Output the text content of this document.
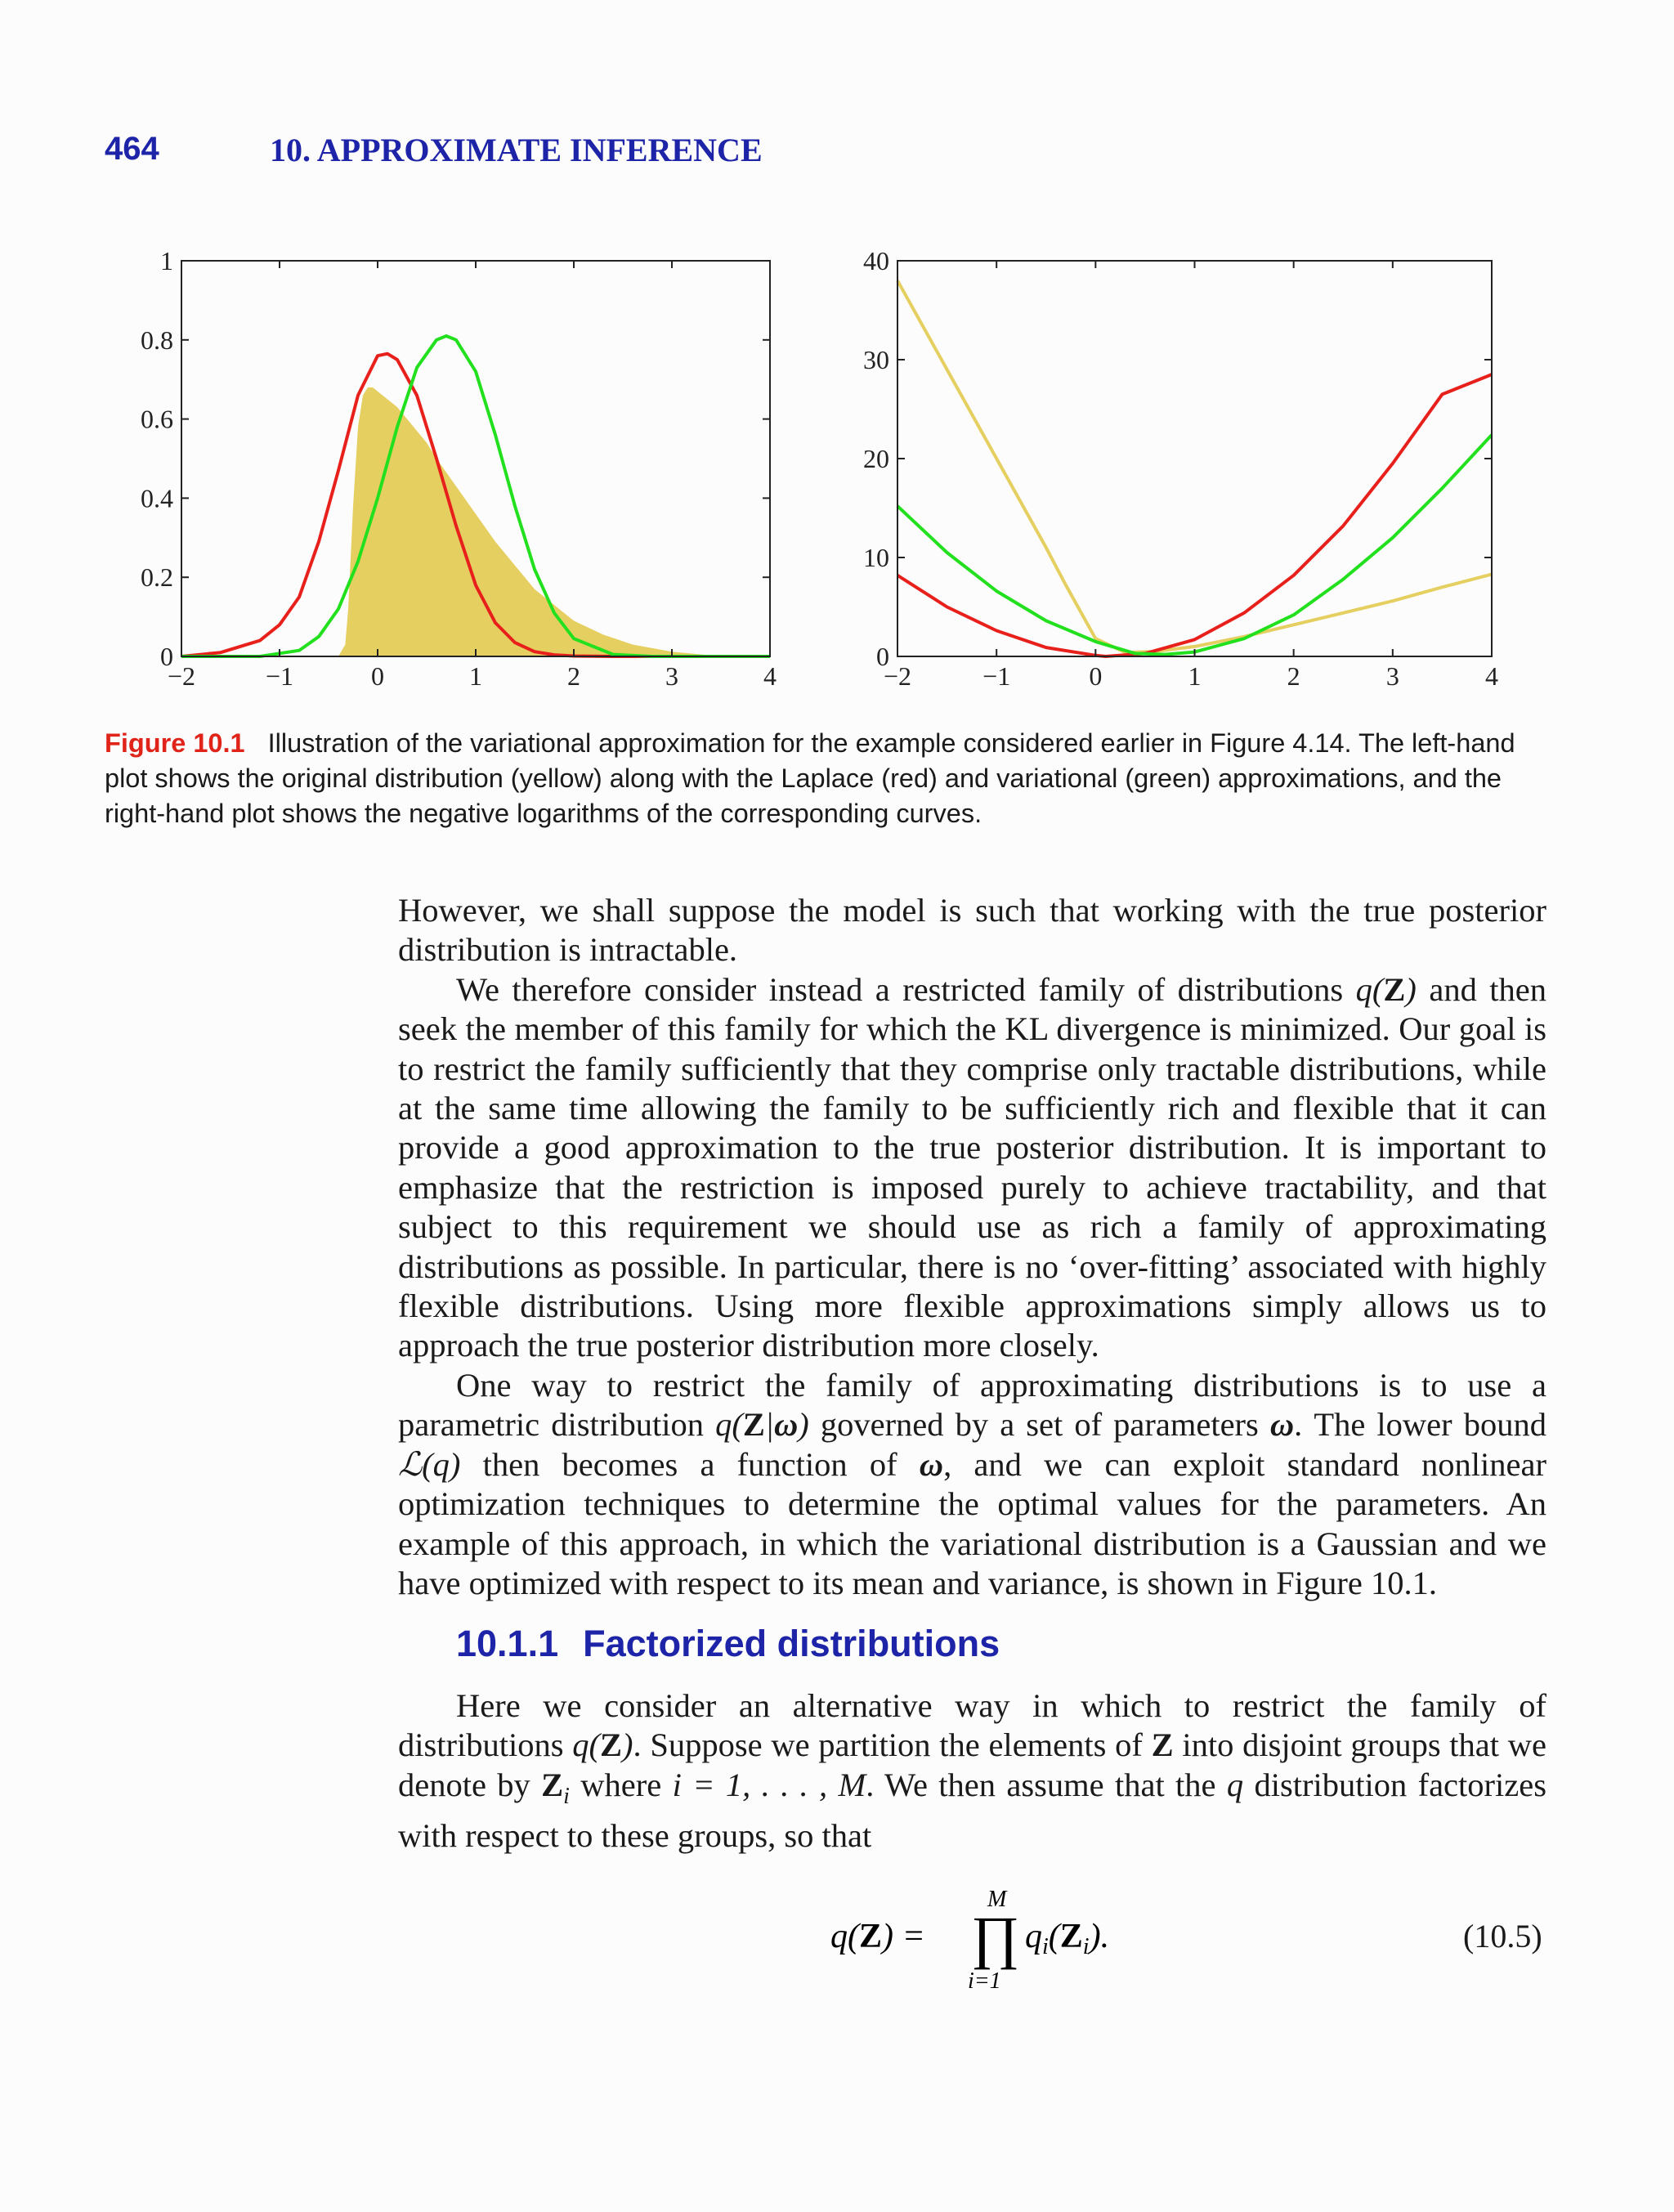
464	10. APPROXIMATE INFERENCE
−2	−1	0	1	2	3	4
0
0.2
0.4
0.6
0.8
1
−2	−1	0	1	2	3	4
0
10
20
30
40
Figure 10.1 Illustration of the variational approximation for the example considered earlier in Figure 4.14. The left-hand plot shows the original distribution (yellow) along with the Laplace (red) and variational (green) approximations, and the right-hand plot shows the negative logarithms of the corresponding curves.

However, we shall suppose the model is such that working with the true posterior distribution is intractable.

We therefore consider instead a restricted family of distributions q(Z) and then seek the member of this family for which the KL divergence is minimized. Our goal is to restrict the family sufficiently that they comprise only tractable distributions, while at the same time allowing the family to be sufficiently rich and flexible that it can provide a good approximation to the true posterior distribution. It is important to emphasize that the restriction is imposed purely to achieve tractability, and that subject to this requirement we should use as rich a family of approximating distributions as possible. In particular, there is no ‘over-fitting’ associated with highly flexible distributions. Using more flexible approximations simply allows us to approach the true posterior distribution more closely.

One way to restrict the family of approximating distributions is to use a parametric distribution q(Z|ω) governed by a set of parameters ω. The lower bound ℒ(q) then becomes a function of ω, and we can exploit standard nonlinear optimization techniques to determine the optimal values for the parameters. An example of this approach, in which the variational distribution is a Gaussian and we have optimized with respect to its mean and variance, is shown in Figure 10.1.

10.1.1 Factorized distributions

Here we consider an alternative way in which to restrict the family of distributions q(Z). Suppose we partition the elements of Z into disjoint groups that we denote by $Z_i$ where i = 1, . . . , M. We then assume that the q distribution factorizes with respect to these groups, so that

q(Z) =
M
∏
i=1
qi(Zi).	(10.5)
